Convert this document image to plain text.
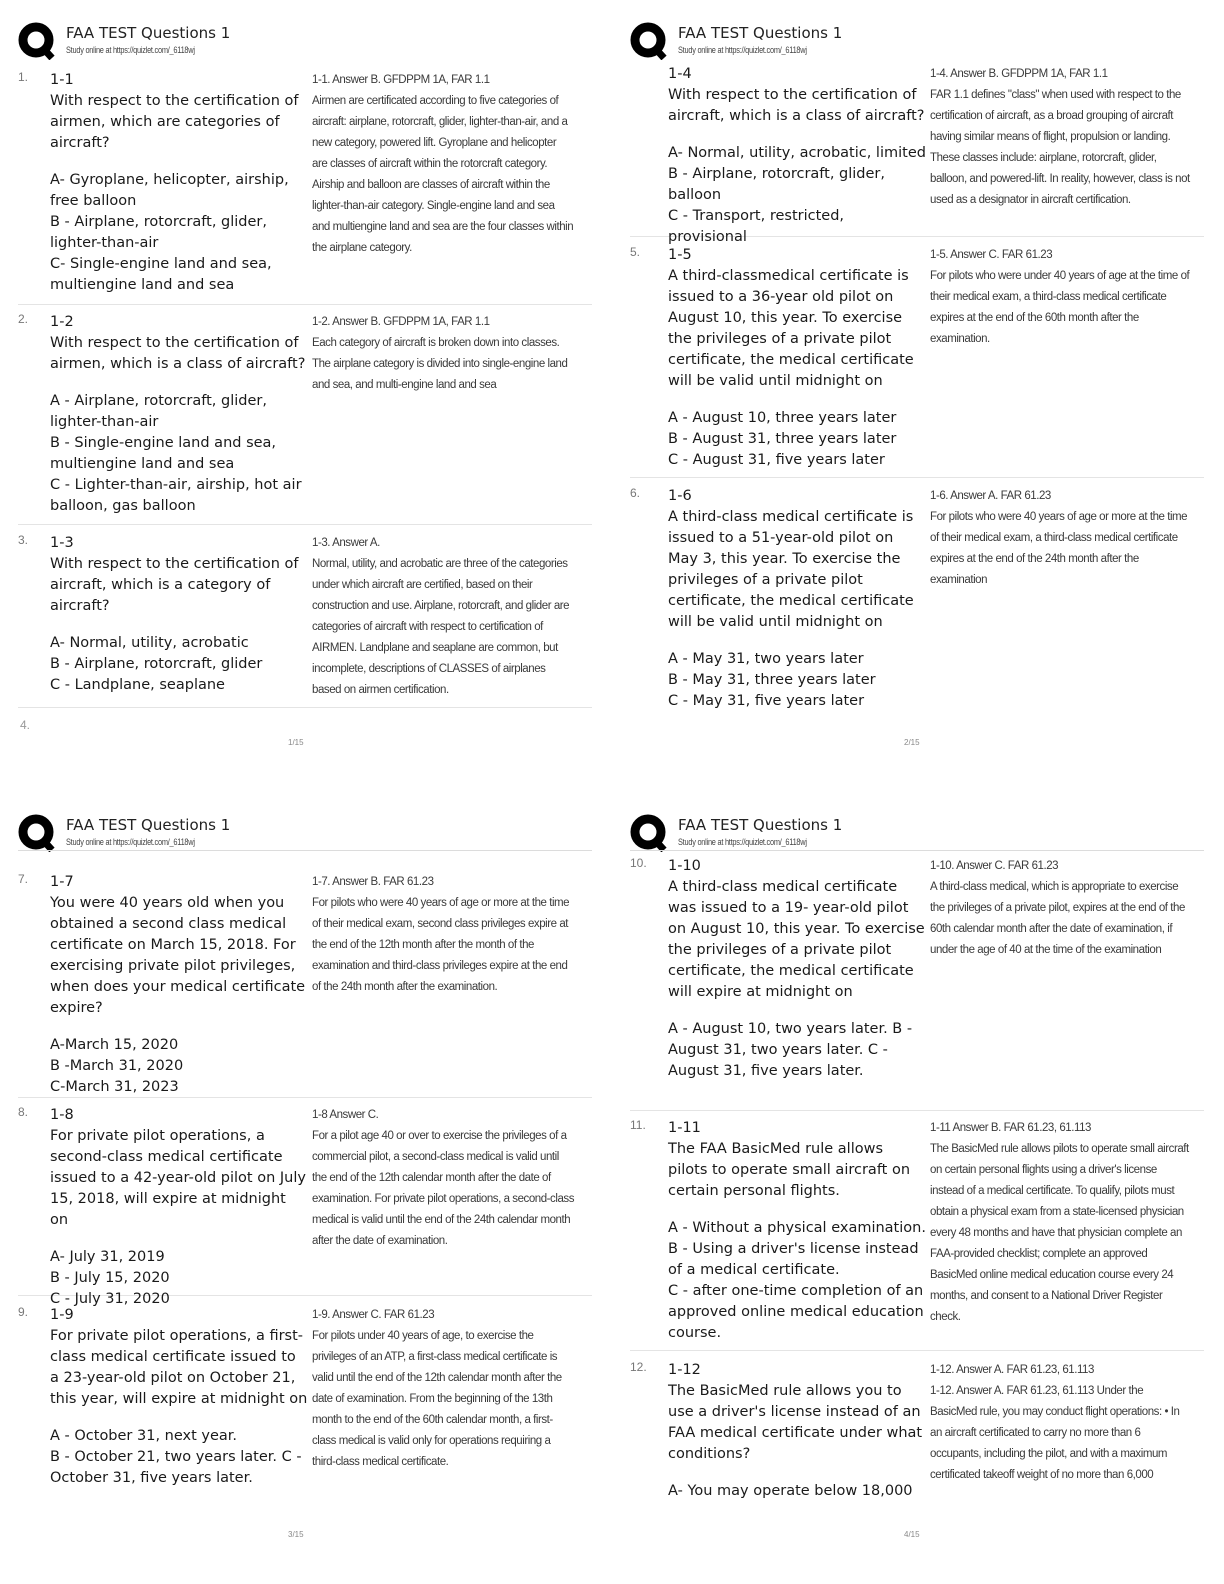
FAA TEST Questions 1
Study online at https://quizlet.com/_6118wj
1. 1-1
With respect to the certification of airmen, which are categories of aircraft?
A- Gyroplane, helicopter, airship, free balloon
B - Airplane, rotorcraft, glider, lighter-than-air
C- Single-engine land and sea, multiengine land and sea
1-1. Answer B. GFDPPM 1A, FAR 1.1
Airmen are certificated according to five categories of aircraft: airplane, rotorcraft, glider, lighter-than-air, and a new category, powered lift. Gyroplane and helicopter are classes of aircraft within the rotorcraft category. Airship and balloon are classes of aircraft within the lighter-than-air category. Single-engine land and sea and multiengine land and sea are the four classes within the airplane category.
2. 1-2
With respect to the certification of airmen, which is a class of aircraft?
A - Airplane, rotorcraft, glider, lighter-than-air
B - Single-engine land and sea, multiengine land and sea
C - Lighter-than-air, airship, hot air balloon, gas balloon
1-2. Answer B. GFDPPM 1A, FAR 1.1
Each category of aircraft is broken down into classes. The airplane category is divided into single-engine land and sea, and multi-engine land and sea
3. 1-3
With respect to the certification of aircraft, which is a category of aircraft?
A- Normal, utility, acrobatic
B - Airplane, rotorcraft, glider
C - Landplane, seaplane
1-3. Answer A.
Normal, utility, and acrobatic are three of the categories under which aircraft are certified, based on their construction and use. Airplane, rotorcraft, and glider are categories of aircraft with respect to certification of AIRMEN. Landplane and seaplane are common, but incomplete, descriptions of CLASSES of airplanes based on airmen certification.
4.
1/15
FAA TEST Questions 1
Study online at https://quizlet.com/_6118wj
1-4
With respect to the certification of aircraft, which is a class of aircraft?
A- Normal, utility, acrobatic, limited
B - Airplane, rotorcraft, glider, balloon
C - Transport, restricted, provisional
1-4. Answer B. GFDPPM 1A, FAR 1.1
FAR 1.1 defines "class" when used with respect to the certification of aircraft, as a broad grouping of aircraft having similar means of flight, propulsion or landing. These classes include: airplane, rotorcraft, glider, balloon, and powered-lift. In reality, however, class is not used as a designator in aircraft certification.
5. 1-5
A third-classmedical certificate is issued to a 36-year old pilot on August 10, this year. To exercise the privileges of a private pilot certificate, the medical certificate will be valid until midnight on
A - August 10, three years later
B - August 31, three years later
C - August 31, five years later
1-5. Answer C. FAR 61.23
For pilots who were under 40 years of age at the time of their medical exam, a third-class medical certificate expires at the end of the 60th month after the examination.
6. 1-6
A third-class medical certificate is issued to a 51-year-old pilot on May 3, this year. To exercise the privileges of a private pilot certificate, the medical certificate will be valid until midnight on
A - May 31, two years later
B - May 31, three years later
C - May 31, five years later
1-6. Answer A. FAR 61.23
For pilots who were 40 years of age or more at the time of their medical exam, a third-class medical certificate expires at the end of the 24th month after the examination
2/15
FAA TEST Questions 1
Study online at https://quizlet.com/_6118wj
7. 1-7
You were 40 years old when you obtained a second class medical certificate on March 15, 2018. For exercising private pilot privileges, when does your medical certificate expire?
A-March 15, 2020
B -March 31, 2020
C-March 31, 2023
1-7. Answer B. FAR 61.23
For pilots who were 40 years of age or more at the time of their medical exam, second class privileges expire at the end of the 12th month after the month of the examination and third-class privileges expire at the end of the 24th month after the examination.
8. 1-8
For private pilot operations, a second-class medical certificate issued to a 42-year-old pilot on July 15, 2018, will expire at midnight on
A- July 31, 2019
B - July 15, 2020
C - July 31, 2020
1-8 Answer C.
For a pilot age 40 or over to exercise the privileges of a commercial pilot, a second-class medical is valid until the end of the 12th calendar month after the date of examination. For private pilot operations, a second-class medical is valid until the end of the 24th calendar month after the date of examination.
9. 1-9
For private pilot operations, a first-class medical certificate issued to a 23-year-old pilot on October 21, this year, will expire at midnight on
A - October 31, next year.
B - October 21, two years later. C - October 31, five years later.
1-9. Answer C. FAR 61.23
For pilots under 40 years of age, to exercise the privileges of an ATP, a first-class medical certificate is valid until the end of the 12th calendar month after the date of examination. From the beginning of the 13th month to the end of the 60th calendar month, a first-class medical is valid only for operations requiring a third-class medical certificate.
3/15
FAA TEST Questions 1
Study online at https://quizlet.com/_6118wj
10. 1-10
A third-class medical certificate was issued to a 19- year-old pilot on August 10, this year. To exercise the privileges of a private pilot certificate, the medical certificate will expire at midnight on
A - August 10, two years later. B - August 31, two years later. C - August 31, five years later.
1-10. Answer C. FAR 61.23
A third-class medical, which is appropriate to exercise the privileges of a private pilot, expires at the end of the 60th calendar month after the date of examination, if under the age of 40 at the time of the examination
11. 1-11
The FAA BasicMed rule allows pilots to operate small aircraft on certain personal flights.
A - Without a physical examination.
B - Using a driver's license instead of a medical certificate.
C - after one-time completion of an approved online medical education course.
1-11 Answer B. FAR 61.23, 61.113
The BasicMed rule allows pilots to operate small aircraft on certain personal flights using a driver's license instead of a medical certificate. To qualify, pilots must obtain a physical exam from a state-licensed physician every 48 months and have that physician complete an FAA-provided checklist; complete an approved BasicMed online medical education course every 24 months, and consent to a National Driver Register check.
12. 1-12
The BasicMed rule allows you to use a driver's license instead of an FAA medical certificate under what conditions?
A- You may operate below 18,000
1-12. Answer A. FAR 61.23, 61.113
1-12. Answer A. FAR 61.23, 61.113 Under the BasicMed rule, you may conduct flight operations: • In an aircraft certificated to carry no more than 6 occupants, including the pilot, and with a maximum certificated takeoff weight of no more than 6,000
4/15
